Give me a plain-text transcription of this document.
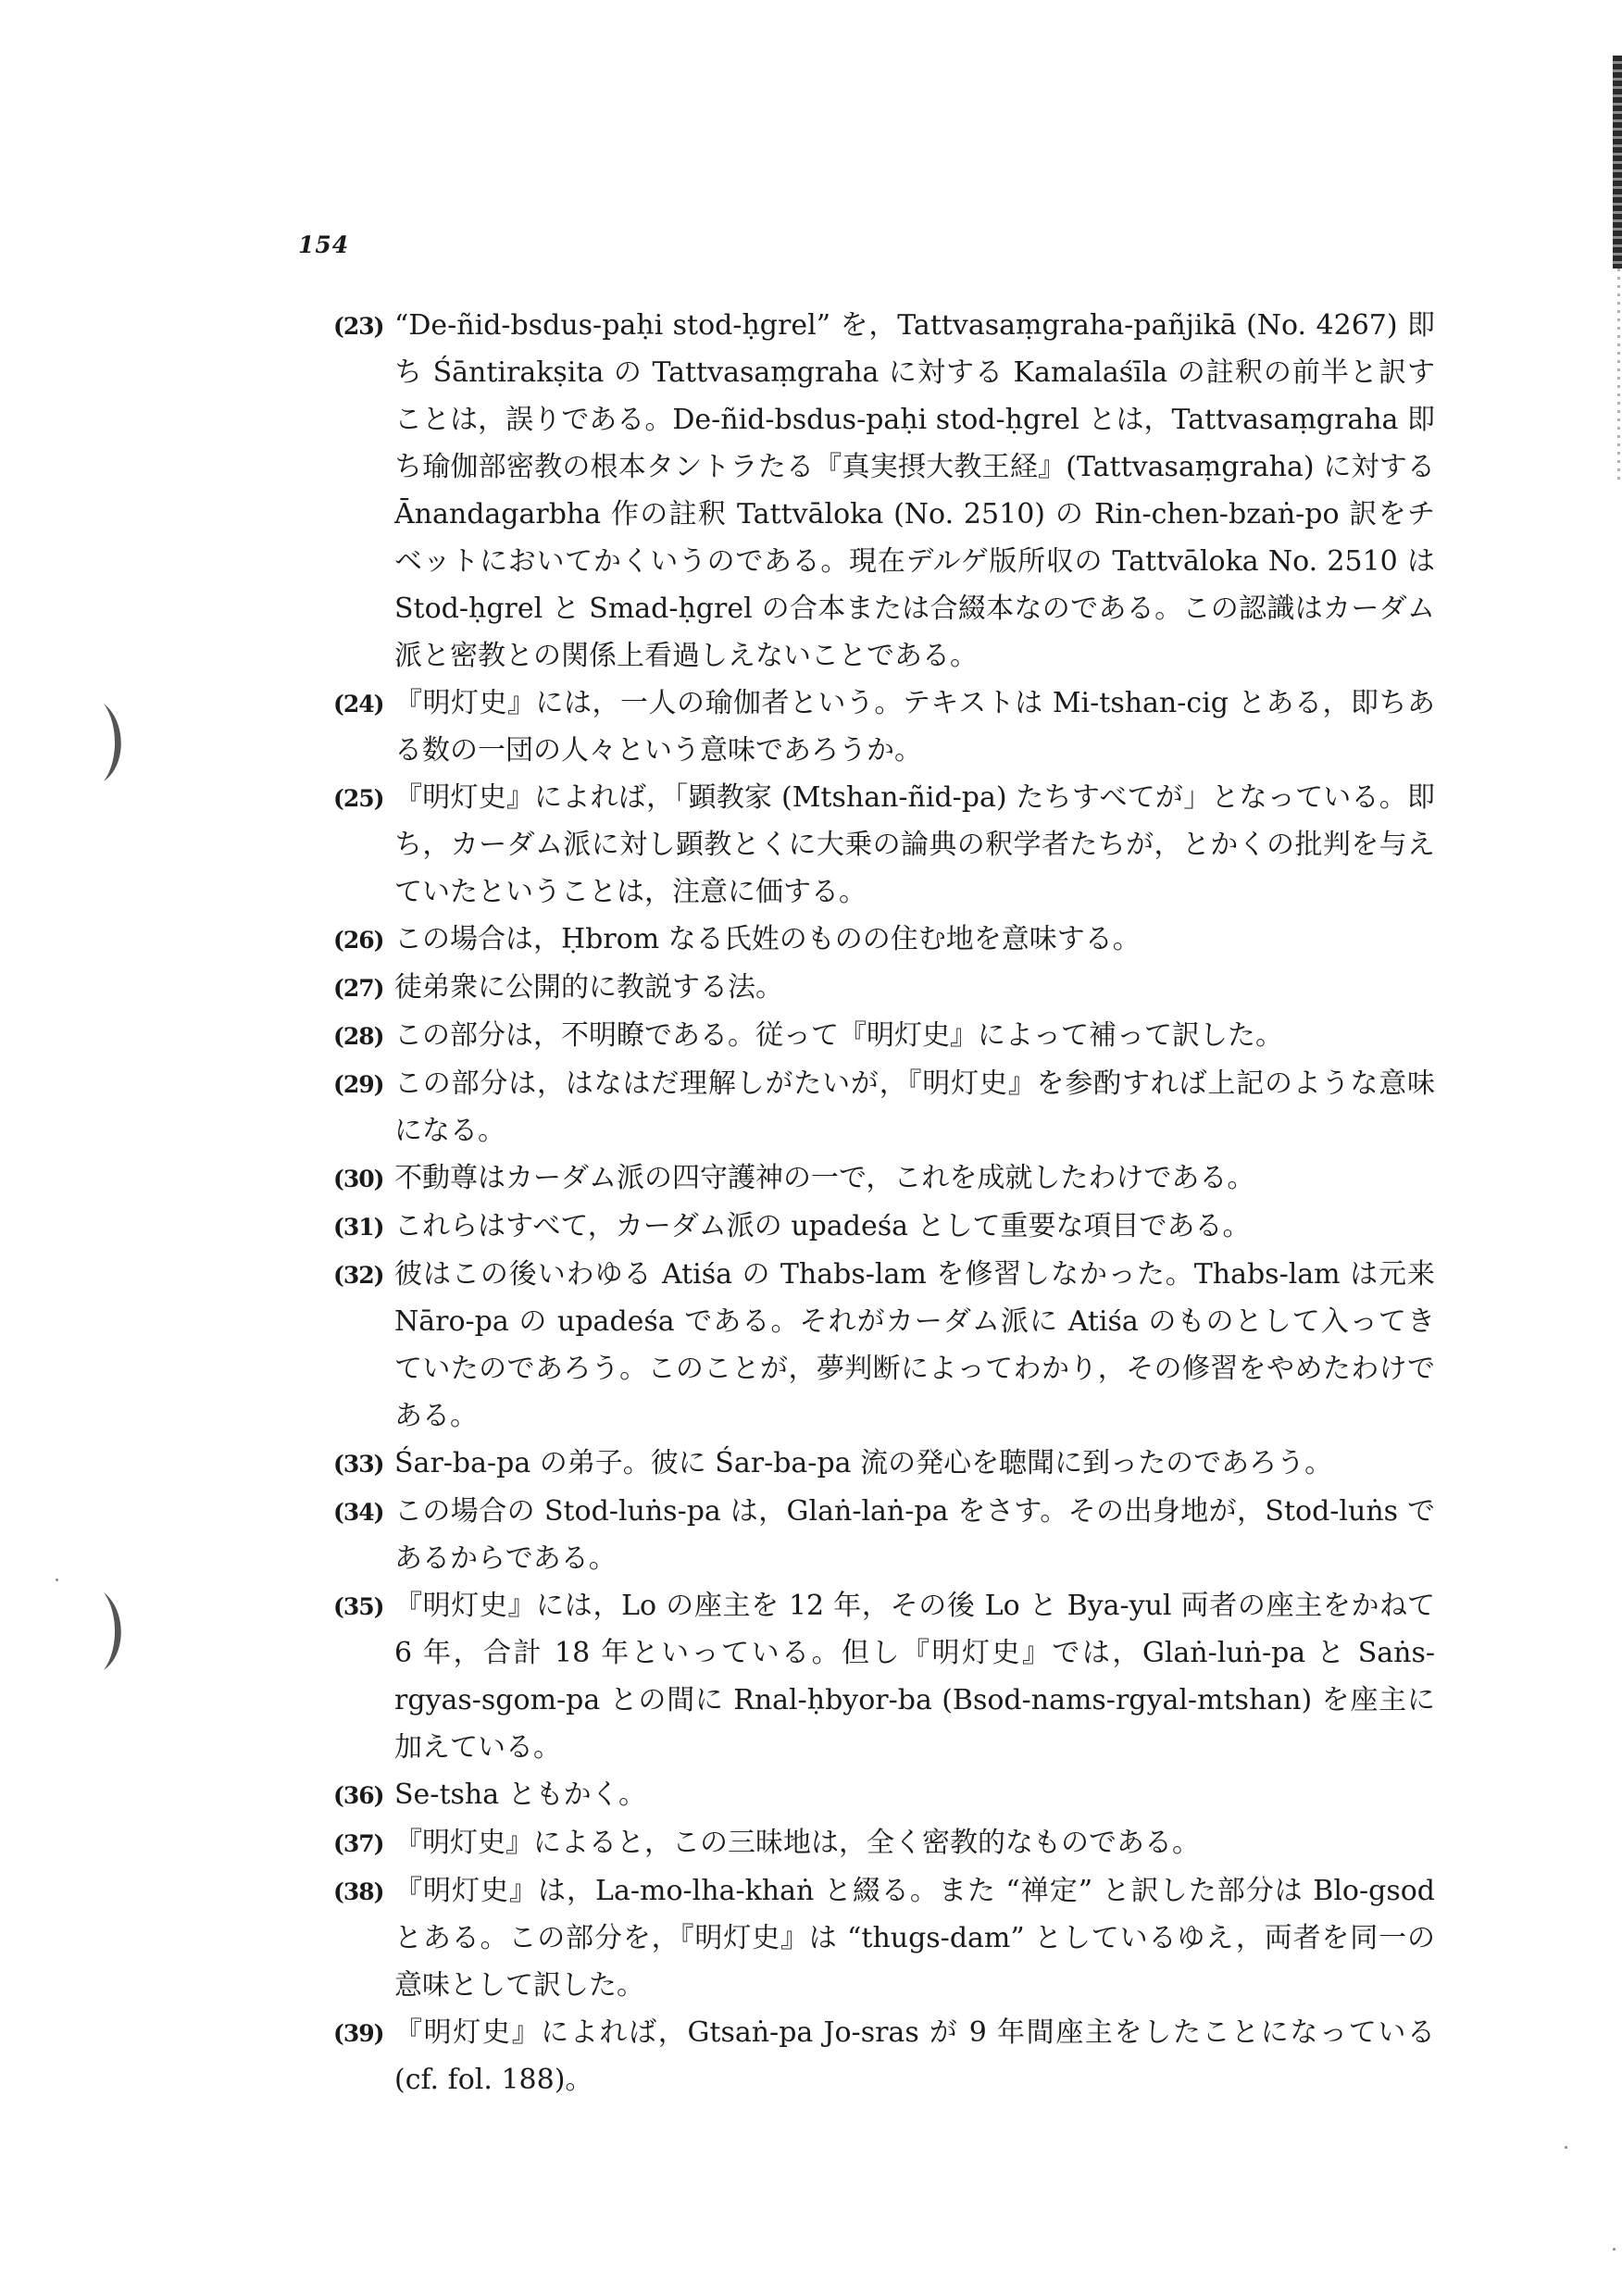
154
(23) “De-ñid-bsdus-paḥi stod-ḥgrel” を，Tattvasaṃgraha-pañjikā (No. 4267) 即ち Śāntirakṣita の Tattvasaṃgraha に対する Kamalaśīla の註釈の前半と訳すことは，誤りである。De-ñid-bsdus-paḥi stod-ḥgrel とは，Tattvasaṃgraha 即ち瑜伽部密教の根本タントラたる『真実摂大教王経』(Tattvasaṃgraha) に対する Ānandagarbha 作の註釈 Tattvāloka (No. 2510) の Rin-chen-bzaṅ-po 訳をチベットにおいてかくいうのである。現在デルゲ版所収の Tattvāloka No. 2510 は Stod-ḥgrel と Smad-ḥgrel の合本または合綴本なのである。この認識はカーダム派と密教との関係上看過しえないことである。
(24) 『明灯史』には，一人の瑜伽者という。テキストは Mi-tshan-cig とある，即ちある数の一団の人々という意味であろうか。
(25) 『明灯史』によれば，「顕教家 (Mtshan-ñid-pa) たちすべてが」となっている。即ち，カーダム派に対し顕教とくに大乗の論典の釈学者たちが，とかくの批判を与えていたということは，注意に価する。
(26) この場合は，Ḥbrom なる氏姓のものの住む地を意味する。
(27) 徒弟衆に公開的に教説する法。
(28) この部分は，不明瞭である。従って『明灯史』によって補って訳した。
(29) この部分は，はなはだ理解しがたいが，『明灯史』を参酌すれば上記のような意味になる。
(30) 不動尊はカーダム派の四守護神の一で，これを成就したわけである。
(31) これらはすべて，カーダム派の upadeśa として重要な項目である。
(32) 彼はこの後いわゆる Atiśa の Thabs-lam を修習しなかった。Thabs-lam は元来 Nāro-pa の upadeśa である。それがカーダム派に Atiśa のものとして入ってきていたのであろう。このことが，夢判断によってわかり，その修習をやめたわけである。
(33) Śar-ba-pa の弟子。彼に Śar-ba-pa 流の発心を聴聞に到ったのであろう。
(34) この場合の Stod-luṅs-pa は，Glaṅ-laṅ-pa をさす。その出身地が，Stod-luṅs であるからである。
(35) 『明灯史』には，Lo の座主を 12 年，その後 Lo と Bya-yul 両者の座主をかねて 6 年，合計 18 年といっている。但し『明灯史』では，Glaṅ-luṅ-pa と Saṅs-rgyas-sgom-pa との間に Rnal-ḥbyor-ba (Bsod-nams-rgyal-mtshan) を座主に加えている。
(36) Se-tsha ともかく。
(37) 『明灯史』によると，この三昧地は，全く密教的なものである。
(38) 『明灯史』は，La-mo-lha-khaṅ と綴る。また “禅定” と訳した部分は Blo-gsod とある。この部分を，『明灯史』は “thugs-dam” としているゆえ，両者を同一の意味として訳した。
(39) 『明灯史』によれば，Gtsaṅ-pa Jo-sras が 9 年間座主をしたことになっている (cf. fol. 188)。
